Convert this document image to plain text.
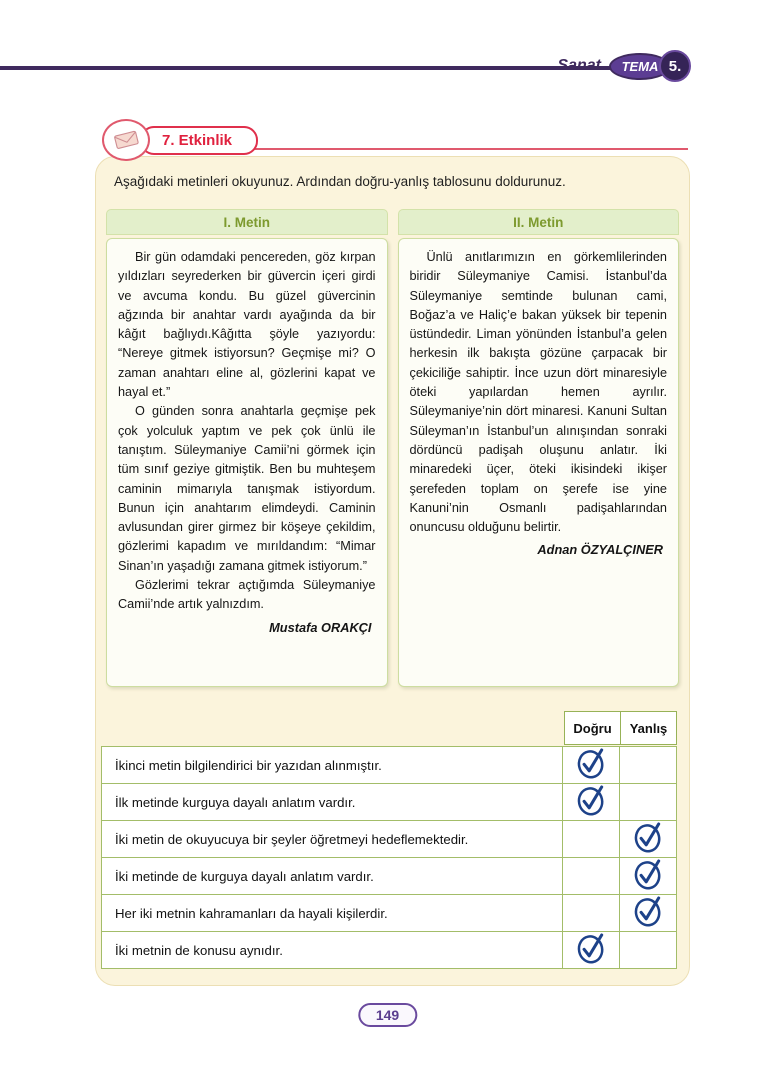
Sanat	TEMA 5.
7. Etkinlik

Aşağıdaki metinleri okuyunuz. Ardından doğru-yanlış tablosunu doldurunuz.

I. Metin

Bir gün odamdaki pencereden, göz kırpan yıldızları seyrederken bir güvercin içeri girdi ve avcuma kondu. Bu güzel güvercinin ağzında bir anahtar vardı ayağında da bir kâğıt bağlıydı.Kâğıtta şöyle yazıyordu: “Nereye gitmek istiyorsun? Geçmişe mi? O zaman anahtarı eline al, gözlerini kapat ve hayal et.”

O günden sonra anahtarla geçmişe pek çok yolculuk yaptım ve pek çok ünlü ile tanıştım. Süleymaniye Camii’ni görmek için tüm sınıf geziye gitmiştik. Ben bu muhteşem caminin mimarıyla tanışmak istiyordum. Bunun için anahtarım elimdeydi. Caminin avlusundan girer girmez bir köşeye çekildim, gözlerimi kapadım ve mırıldandım: “Mimar Sinan’ın yaşadığı zamana gitmek istiyorum.”

Gözlerimi tekrar açtığımda Süleymaniye Camii’nde artık yalnızdım.

Mustafa ORAKÇI
II. Metin

Ünlü anıtlarımızın en görkemlilerinden biridir Süleymaniye Camisi. İstanbul’da Süleymaniye semtinde bulunan cami, Boğaz’a ve Haliç’e bakan yüksek bir tepenin üstündedir. Liman yönünden İstanbul’a gelen herkesin ilk bakışta gözüne çarpacak bir çekiciliğe sahiptir. İnce uzun dört minaresiyle öteki yapılardan hemen ayrılır. Süleymaniye’nin dört minaresi. Kanuni Sultan Süleyman’ın İstanbul’un alınışından sonraki dördüncü padişah oluşunu anlatır. İki minaredeki üçer, öteki ikisindeki ikişer şerefeden toplam on şerefe ise yine Kanuni’nin Osmanlı padişahlarından onuncusu olduğunu belirtir.

Adnan ÖZYALÇINER
Doğru	Yanlış
İkinci metin bilgilendirici bir yazıdan alınmıştır.
İlk metinde kurguya dayalı anlatım vardır.
İki metin de okuyucuya bir şeyler öğretmeyi hedeflemektedir.
İki metinde de kurguya dayalı anlatım vardır.
Her iki metnin kahramanları da hayali kişilerdir.
İki metnin de konusu aynıdır.
149
